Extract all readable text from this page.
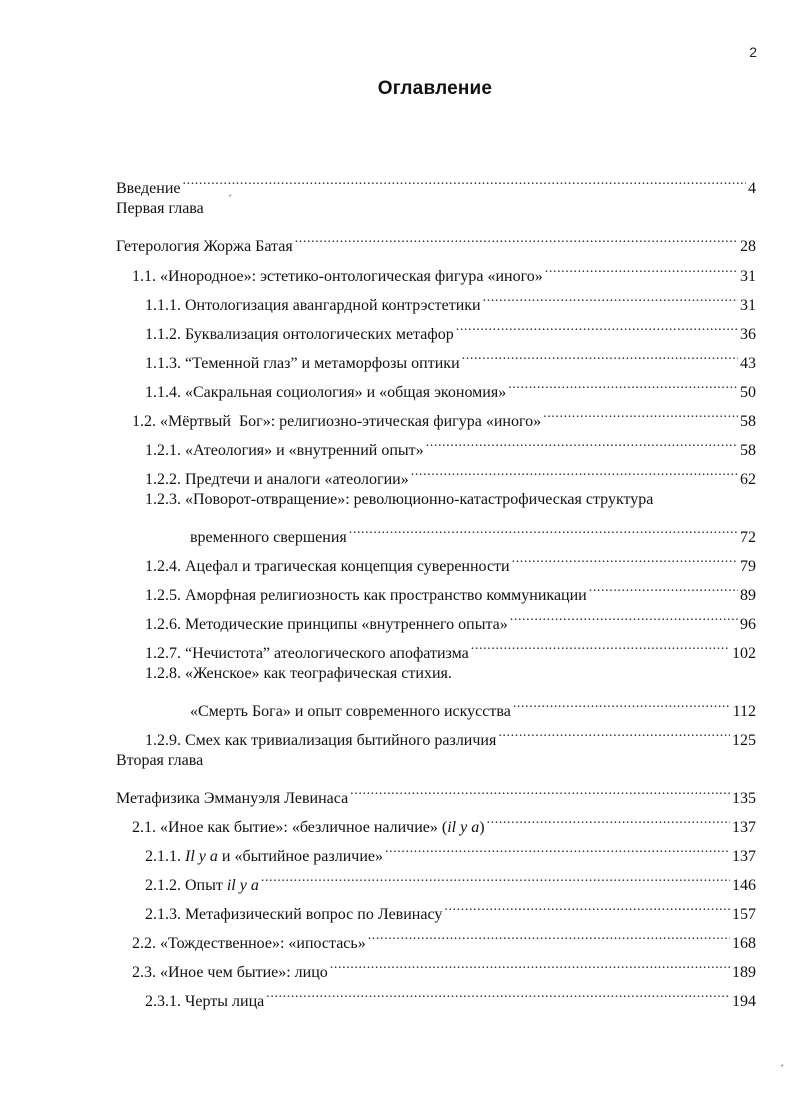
2
Оглавление
Введение .....	4
Первая глава
Гетерология Жоржа Батая .....	28
1.1. «Инородное»: эстетико-онтологическая фигура «иного» .....	31
1.1.1. Онтологизация авангардной контрэстетики .....	31
1.1.2. Буквализация онтологических метафор .....	36
1.1.3. “Теменной глаз” и метаморфозы оптики .....	43
1.1.4. «Сакральная социология» и «общая экономия» .....	50
1.2. «Мёртвый  Бог»: религиозно-этическая фигура «иного» .....	58
1.2.1. «Атеология» и «внутренний опыт» .....	58
1.2.2. Предтечи и аналоги «атеологии» .....	62
1.2.3. «Поворот-отвращение»: революционно-катастрофическая структура
временного свершения .....	72
1.2.4. Ацефал и трагическая концепция суверенности .....	79
1.2.5. Аморфная религиозность как пространство коммуникации .....	89
1.2.6. Методические принципы «внутреннего опыта» .....	96
1.2.7. “Нечистота” атеологического апофатизма .....	102
1.2.8. «Женское» как теографическая стихия.
«Смерть Бога» и опыт современного искусства .....	112
1.2.9. Смех как тривиализация бытийного различия .....	125
Вторая глава
Метафизика Эммануэля Левинаса .....	135
2.1. «Иное как бытие»: «безличное наличие» (il y a) .....	137
2.1.1. Il y a и «бытийное различие» .....	137
2.1.2. Опыт il y a .....	146
2.1.3. Метафизический вопрос по Левинасу .....	157
2.2. «Тождественное»: «ипостась» .....	168
2.3. «Иное чем бытие»: лицо .....	189
2.3.1. Черты лица .....	194
ˊ
ˊ
